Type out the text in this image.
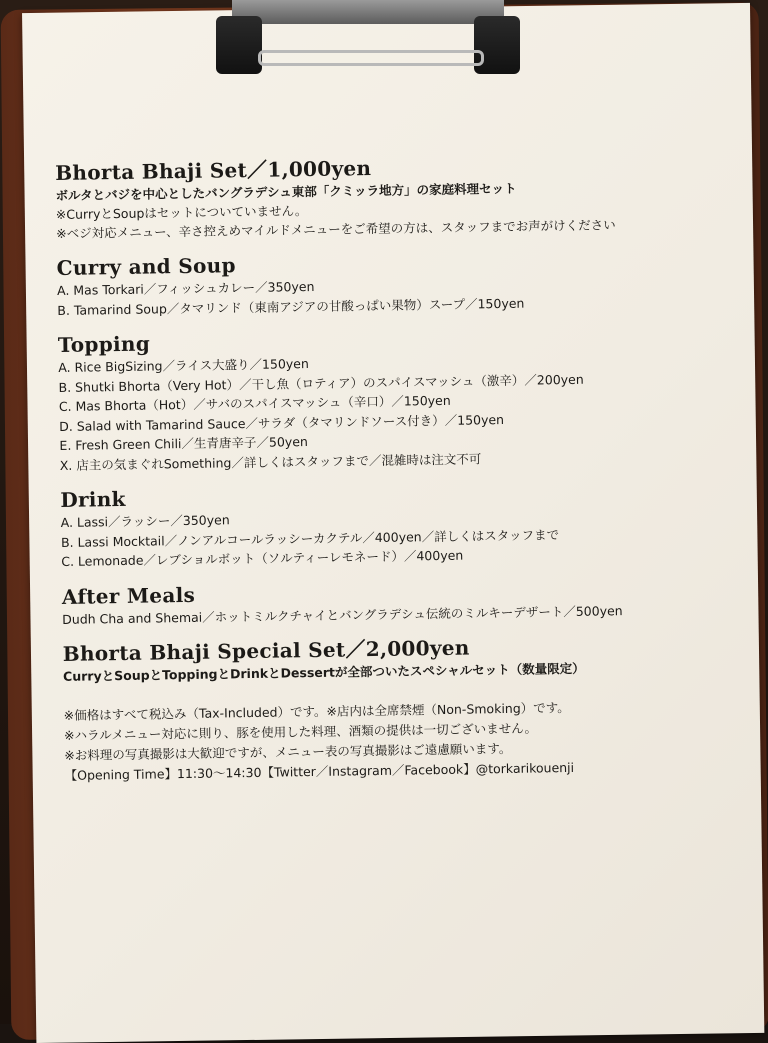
Bhorta Bhaji Set／1,000yen
ボルタとバジを中心としたバングラデシュ東部「クミッラ地方」の家庭料理セット
※CurryとSoupはセットについていません。
※ベジ対応メニュー、辛さ控えめマイルドメニューをご希望の方は、スタッフまでお声がけください
Curry and Soup
A. Mas Torkari／フィッシュカレー／350yen
B. Tamarind Soup／タマリンド（東南アジアの甘酸っぱい果物）スープ／150yen
Topping
A. Rice BigSizing／ライス大盛り／150yen
B. Shutki Bhorta（Very Hot）／干し魚（ロティア）のスパイスマッシュ（激辛）／200yen
C. Mas Bhorta（Hot）／サバのスパイスマッシュ（辛口）／150yen
D. Salad with Tamarind Sauce／サラダ（タマリンドソース付き）／150yen
E. Fresh Green Chili／生青唐辛子／50yen
X. 店主の気まぐれSomething／詳しくはスタッフまで／混雑時は注文不可
Drink
A. Lassi／ラッシー／350yen
B. Lassi Mocktail／ノンアルコールラッシーカクテル／400yen／詳しくはスタッフまで
C. Lemonade／レブショルボット（ソルティーレモネード）／400yen
After Meals
Dudh Cha and Shemai／ホットミルクチャイとバングラデシュ伝統のミルキーデザート／500yen
Bhorta Bhaji Special Set／2,000yen
CurryとSoupとToppingとDrinkとDessertが全部ついたスペシャルセット（数量限定）
※価格はすべて税込み（Tax-Included）です。※店内は全席禁煙（Non-Smoking）です。
※ハラルメニュー対応に則り、豚を使用した料理、酒類の提供は一切ございません。
※お料理の写真撮影は大歓迎ですが、メニュー表の写真撮影はご遠慮願います。
【Opening Time】11:30～14:30【Twitter／Instagram／Facebook】@torkarikouenji
